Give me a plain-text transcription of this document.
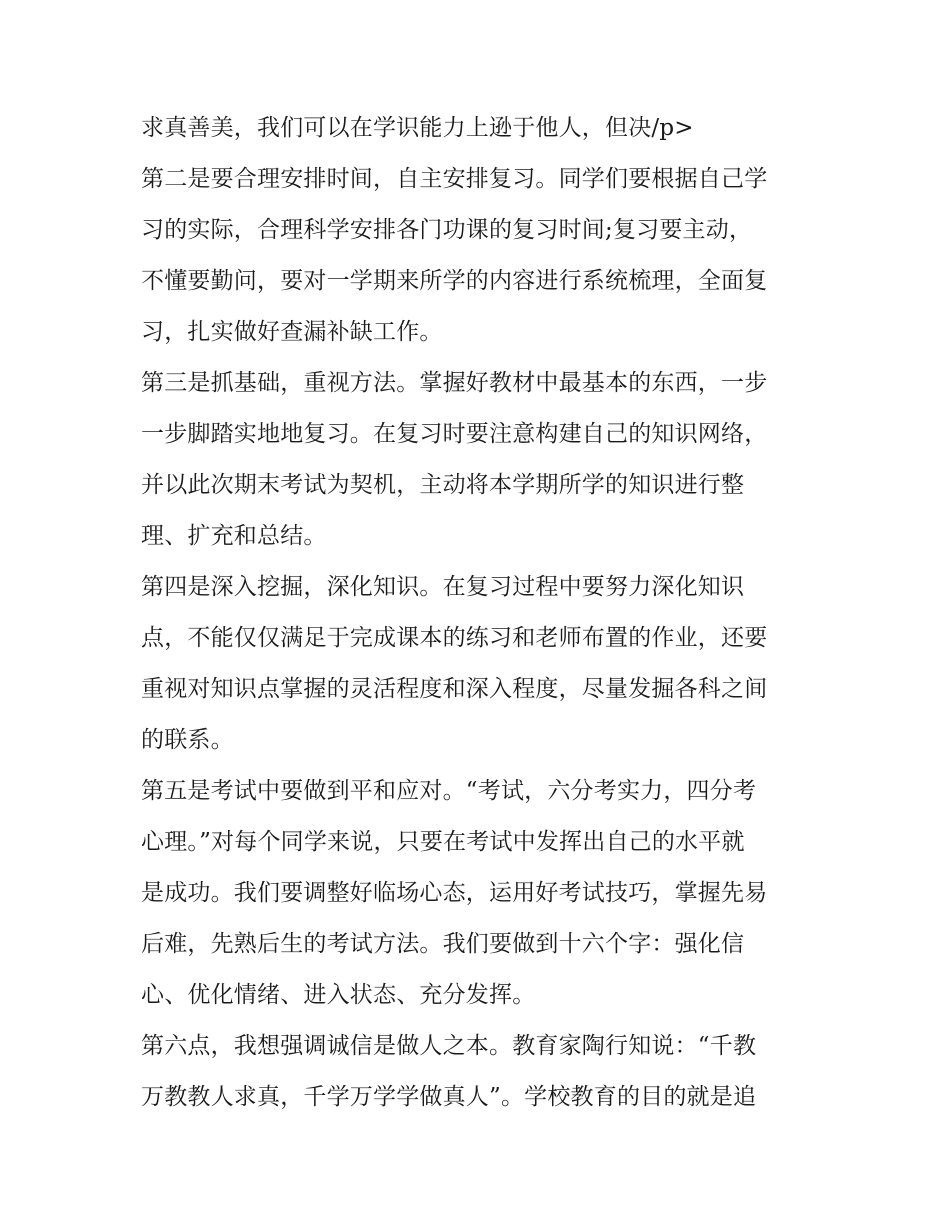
求真善美，我们可以在学识能力上逊于他人，但决/p>
第二是要合理安排时间，自主安排复习。同学们要根据自己学
习的实际，合理科学安排各门功课的复习时间;复习要主动，
不懂要勤问，要对一学期来所学的内容进行系统梳理，全面复
习，扎实做好查漏补缺工作。
第三是抓基础，重视方法。掌握好教材中最基本的东西，一步
一步脚踏实地地复习。在复习时要注意构建自己的知识网络，
并以此次期末考试为契机，主动将本学期所学的知识进行整
理、扩充和总结。
第四是深入挖掘，深化知识。在复习过程中要努力深化知识
点，不能仅仅满足于完成课本的练习和老师布置的作业，还要
重视对知识点掌握的灵活程度和深入程度，尽量发掘各科之间
的联系。
第五是考试中要做到平和应对。“考试，六分考实力，四分考
心理。”对每个同学来说，只要在考试中发挥出自己的水平就
是成功。我们要调整好临场心态，运用好考试技巧，掌握先易
后难，先熟后生的考试方法。我们要做到十六个字：强化信
心、优化情绪、进入状态、充分发挥。
第六点，我想强调诚信是做人之本。教育家陶行知说：“千教
万教教人求真，千学万学学做真人”。学校教育的目的就是追
